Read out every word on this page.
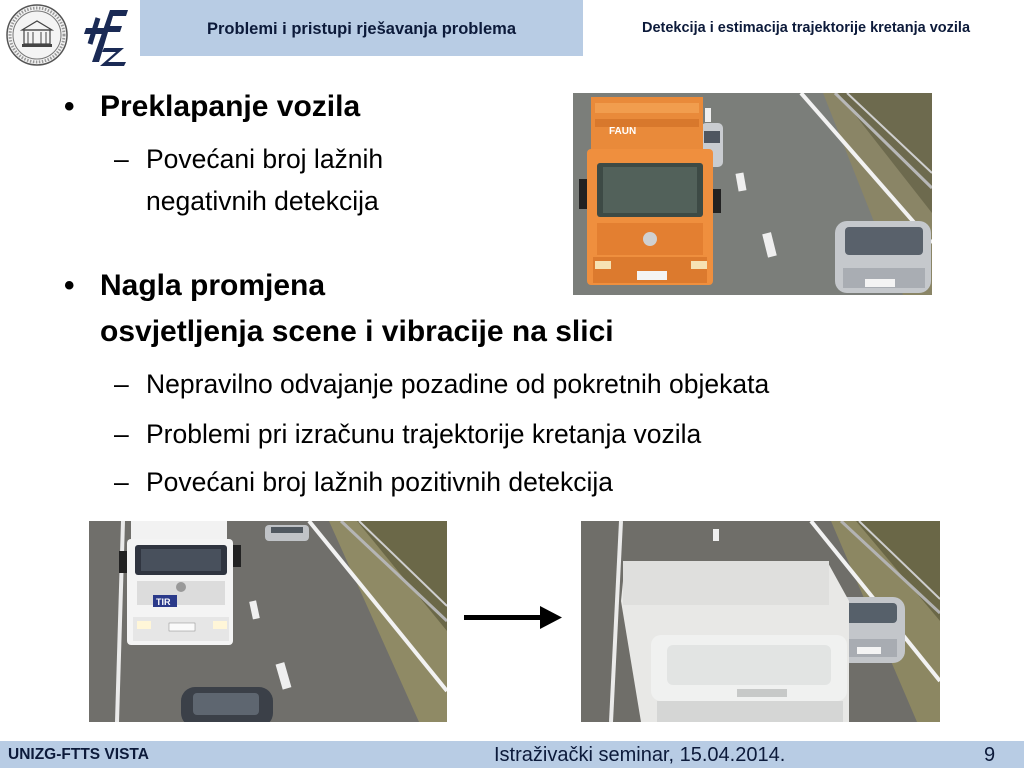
Problemi i pristupi rješavanja problema	Detekcija i estimacija trajektorije kretanja vozila
• Preklapanje vozila
– Povećani broj lažnih
negativnih detekcija
• Nagla promjena
osvjetljenja scene i vibracije na slici
– Nepravilno odvajanje pozadine od pokretnih objekata
– Problemi pri izračunu trajektorije kretanja vozila
– Povećani broj lažnih pozitivnih detekcija
FAUN
TIR
UNIZG-FTTS VISTA	Istraživački seminar, 15.04.2014.	9
